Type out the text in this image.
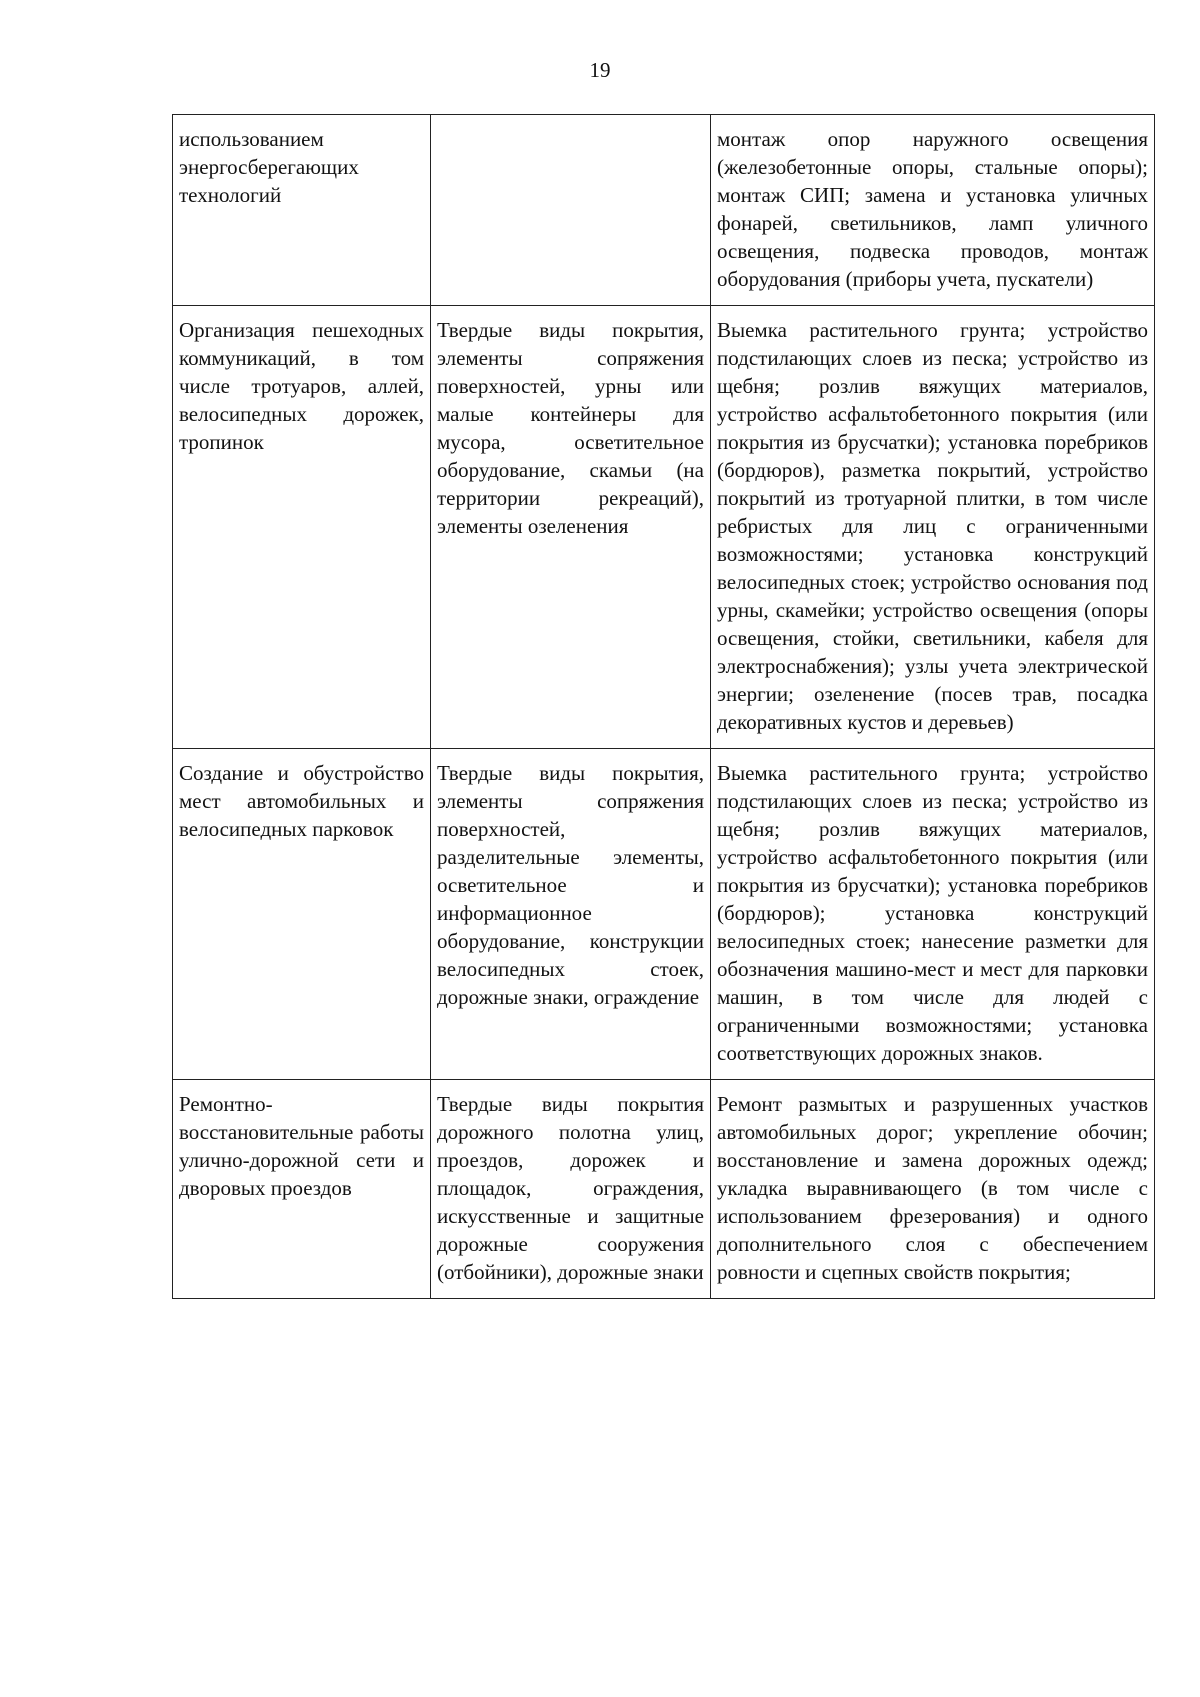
19
использованием энергосберегающих технологий		монтаж опор наружного освещения (железобетонные опоры, стальные опоры); монтаж СИП; замена и установка уличных фонарей, светильников, ламп уличного освещения, подвеска проводов, монтаж оборудования (приборы учета, пускатели)
Организация пешеходных коммуникаций, в том числе тротуаров, аллей, велосипедных дорожек, тропинок	Твердые виды покрытия, элементы сопряжения поверхностей, урны или малые контейнеры для мусора, осветительное оборудование, скамьи (на территории рекреаций), элементы озеленения	Выемка растительного грунта; устройство подстилающих слоев из песка; устройство из щебня; розлив вяжущих материалов, устройство асфальтобетонного покрытия (или покрытия из брусчатки); установка поребриков (бордюров), разметка покрытий, устройство покрытий из тротуарной плитки, в том числе ребристых для лиц с ограниченными возможностями; установка конструкций велосипедных стоек; устройство основания под урны, скамейки; устройство освещения (опоры освещения, стойки, светильники, кабеля для электроснабжения); узлы учета электрической энергии; озеленение (посев трав, посадка декоративных кустов и деревьев)
Создание и обустройство мест автомобильных и велосипедных парковок	Твердые виды покрытия, элементы сопряжения поверхностей, разделительные элементы, осветительное и информационное оборудование, конструкции велосипедных стоек, дорожные знаки, ограждение	Выемка растительного грунта; устройство подстилающих слоев из песка; устройство из щебня; розлив вяжущих материалов, устройство асфальтобетонного покрытия (или покрытия из брусчатки); установка поребриков (бордюров); установка конструкций велосипедных стоек; нанесение разметки для обозначения машино-мест и мест для парковки машин, в том числе для людей с ограниченными возможностями; установка соответствующих дорожных знаков.
Ремонтно-восстановительные работы улично-дорожной сети и дворовых проездов	Твердые виды покрытия дорожного полотна улиц, проездов, дорожек и площадок, ограждения, искусственные и защитные дорожные сооружения (отбойники), дорожные знаки	Ремонт размытых и разрушенных участков автомобильных дорог; укрепление обочин; восстановление и замена дорожных одежд; укладка выравнивающего (в том числе с использованием фрезерования) и одного дополнительного слоя с обеспечением ровности и сцепных свойств покрытия;
